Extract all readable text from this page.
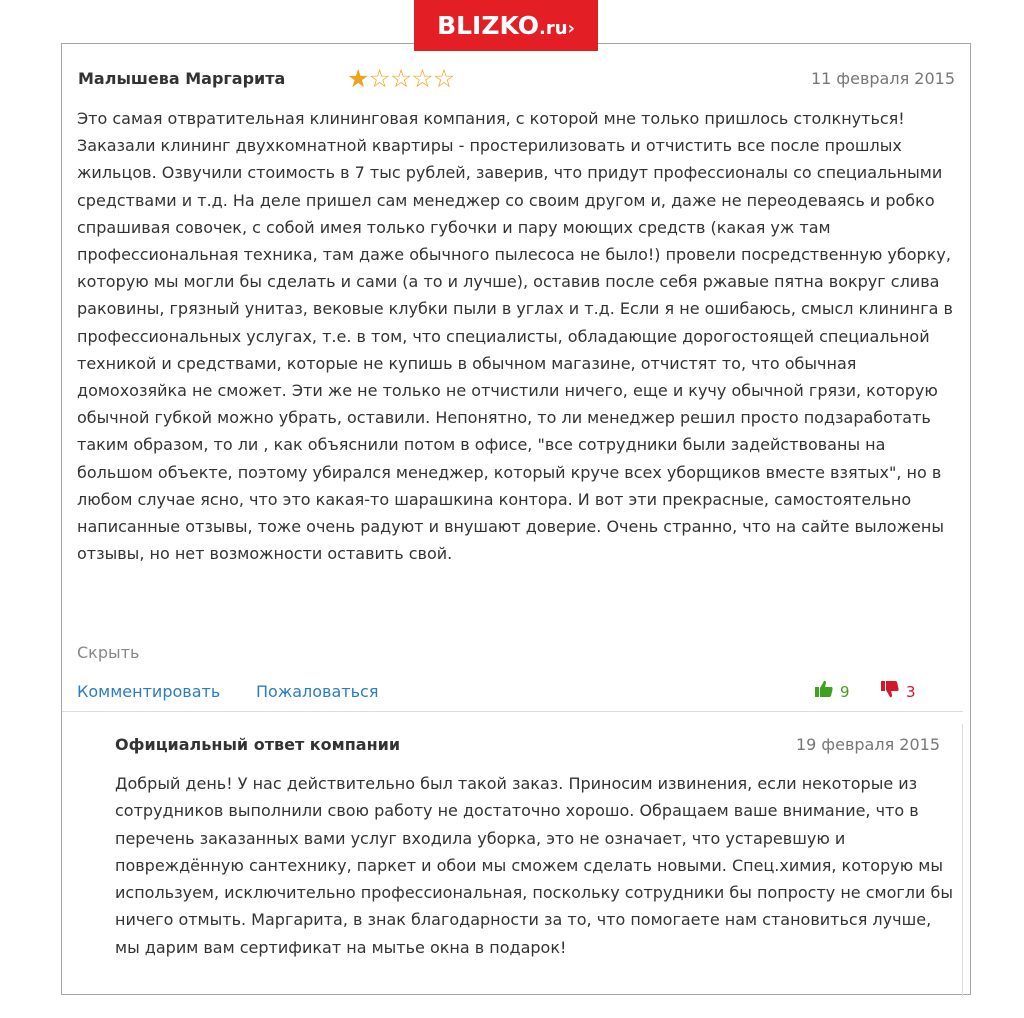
BLIZKO.ru›
Малышева Маргарита ★☆☆☆☆	11 февраля 2015

Это самая отвратительная клининговая компания, с которой мне только пришлось столкнуться! Заказали клининг двухкомнатной квартиры - простерилизовать и отчистить все после прошлых жильцов. Озвучили стоимость в 7 тыс рублей, заверив, что придут профессионалы со специальными средствами и т.д. На деле пришел сам менеджер со своим другом и, даже не переодеваясь и робко спрашивая совочек, с собой имея только губочки и пару моющих средств (какая уж там профессиональная техника, там даже обычного пылесоса не было!) провели посредственную уборку, которую мы могли бы сделать и сами (а то и лучше), оставив после себя ржавые пятна вокруг слива раковины, грязный унитаз, вековые клубки пыли в углах и т.д. Если я не ошибаюсь, смысл клининга в профессиональных услугах, т.е. в том, что специалисты, обладающие дорогостоящей специальной техникой и средствами, которые не купишь в обычном магазине, отчистят то, что обычная домохозяйка не сможет. Эти же не только не отчистили ничего, еще и кучу обычной грязи, которую обычной губкой можно убрать, оставили. Непонятно, то ли менеджер решил просто подзаработать таким образом, то ли , как объяснили потом в офисе, "все сотрудники были задействованы на большом объекте, поэтому убирался менеджер, который круче всех уборщиков вместе взятых", но в любом случае ясно, что это какая-то шарашкина контора. И вот эти прекрасные, самостоятельно написанные отзывы, тоже очень радуют и внушают доверие. Очень странно, что на сайте выложены отзывы, но нет возможности оставить свой.

Скрыть
Комментировать Пожаловаться	9	3
Официальный ответ компании	19 февраля 2015

Добрый день! У нас действительно был такой заказ. Приносим извинения, если некоторые из сотрудников выполнили свою работу не достаточно хорошо. Обращаем ваше внимание, что в перечень заказанных вами услуг входила уборка, это не означает, что устаревшую и повреждённую сантехнику, паркет и обои мы сможем сделать новыми. Спец.химия, которую мы используем, исключительно профессиональная, поскольку сотрудники бы попросту не смогли бы ничего отмыть. Маргарита, в знак благодарности за то, что помогаете нам становиться лучше, мы дарим вам сертификат на мытье окна в подарок!
